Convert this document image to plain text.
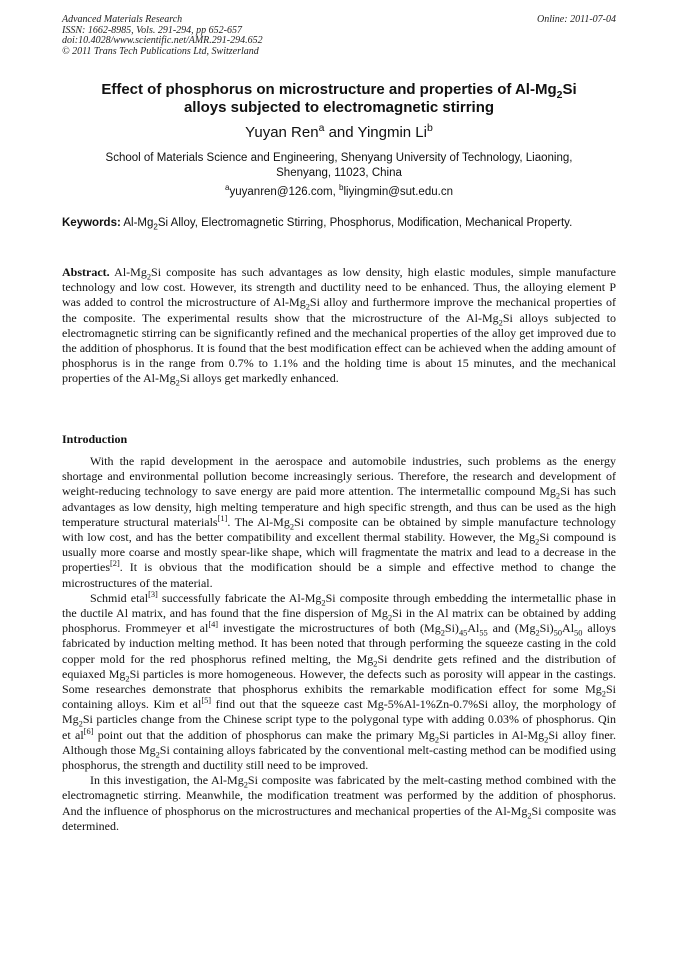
Advanced Materials Research
ISSN: 1662-8985, Vols. 291-294, pp 652-657
doi:10.4028/www.scientific.net/AMR.291-294.652
© 2011 Trans Tech Publications Ltd, Switzerland
Online: 2011-07-04
Effect of phosphorus on microstructure and properties of $Al-Mg_2Si$
alloys subjected to electromagnetic stirring
Yuyan Ren$^a$ and Yingmin Li$^b$
School of Materials Science and Engineering, Shenyang University of Technology, Liaoning,
Shenyang, 11023, China
$^a$yuyanren@126.com, $^b$liyingmin@sut.edu.cn
Keywords: $Al-Mg_2Si$ Alloy, Electromagnetic Stirring, Phosphorus, Modification, Mechanical Property.
Abstract. $Al-Mg_2Si$ composite has such advantages as low density, high elastic modules, simple manufacture technology and low cost. However, its strength and ductility need to be enhanced. Thus, the alloying element P was added to control the microstructure of $Al-Mg_2Si$ alloy and furthermore improve the mechanical properties of the composite. The experimental results show that the microstructure of the $Al-Mg_2Si$ alloys subjected to electromagnetic stirring can be significantly refined and the mechanical properties of the alloy get improved due to the addition of phosphorus. It is found that the best modification effect can be achieved when the adding amount of phosphorus is in the range from 0.7% to 1.1% and the holding time is about 15 minutes, and the mechanical properties of the $Al-Mg_2Si$ alloys get markedly enhanced.
Introduction

With the rapid development in the aerospace and automobile industries, such problems as the energy shortage and environmental pollution become increasingly serious. Therefore, the research and development of weight-reducing technology to save energy are paid more attention. The intermetallic compound $Mg_2Si$ has such advantages as low density, high melting temperature and high specific strength, and thus can be used as the high temperature structural materials[1]. The $Al-Mg_2Si$ composite can be obtained by simple manufacture technology with low cost, and has the better compatibility and excellent thermal stability. However, the $Mg_2Si$ compound is usually more coarse and mostly spear-like shape, which will fragmentate the matrix and lead to a decrease in the properties[2]. It is obvious that the modification should be a simple and effective method to change the microstructures of the material.

Schmid etal[3] successfully fabricate the $Al-Mg_2Si$ composite through embedding the intermetallic phase in the ductile Al matrix, and has found that the fine dispersion of $Mg_2Si$ in the Al matrix can be obtained by adding phosphorus. Frommeyer et al[4] investigate the microstructures of both $(Mg_2Si)_{45}Al_{55}$ and $(Mg_2Si)_{50}Al_{50}$ alloys fabricated by induction melting method. It has been noted that through performing the squeeze casting in the cold copper mold for the red phosphorus refined melting, the $Mg_2Si$ dendrite gets refined and the distribution of equiaxed $Mg_2Si$ particles is more homogeneous. However, the defects such as porosity will appear in the castings. Some researches demonstrate that phosphorus exhibits the remarkable modification effect for some $Mg_2Si$ containing alloys. Kim et al[5] find out that the squeeze cast Mg-5%Al-1%Zn-0.7%Si alloy, the morphology of $Mg_2Si$ particles change from the Chinese script type to the polygonal type with adding 0.03% of phosphorus. Qin et al[6] point out that the addition of phosphorus can make the primary $Mg_2Si$ particles in $Al-Mg_2Si$ alloy finer. Although those $Mg_2Si$ containing alloys fabricated by the conventional melt-casting method can be modified using phosphorus, the strength and ductility still need to be improved.

In this investigation, the $Al-Mg_2Si$ composite was fabricated by the melt-casting method combined with the electromagnetic stirring. Meanwhile, the modification treatment was performed by the addition of phosphorus. And the influence of phosphorus on the microstructures and mechanical properties of the $Al-Mg_2Si$ composite was determined.
